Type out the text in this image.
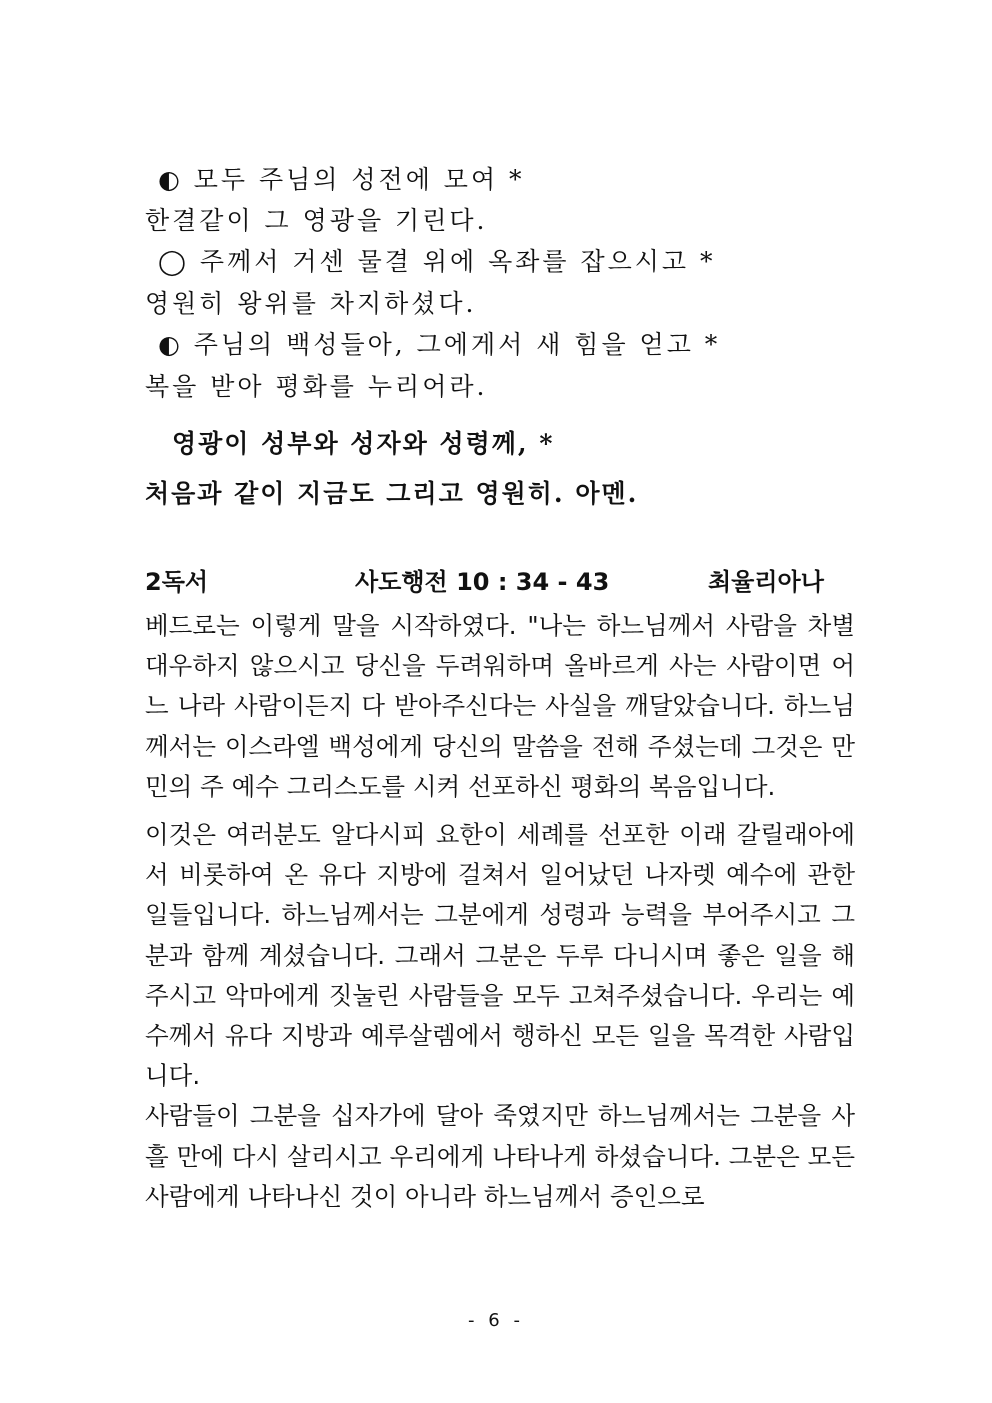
◐ 모두 주님의 성전에 모여 *
한결같이 그 영광을 기린다.
◯ 주께서 거센 물결 위에 옥좌를 잡으시고 *
영원히 왕위를 차지하셨다.
◐ 주님의 백성들아, 그에게서 새 힘을 얻고 *
복을 받아 평화를 누리어라.
영광이 성부와 성자와 성령께, *
처음과 같이 지금도 그리고 영원히. 아멘.
2독서	사도행전 10 : 34 - 43	최율리아나

베드로는 이렇게 말을 시작하였다. "나는 하느님께서 사람을 차별대우하지 않으시고 당신을 두려워하며 올바르게 사는 사람이면 어느 나라 사람이든지 다 받아주신다는 사실을 깨달았습니다. 하느님께서는 이스라엘 백성에게 당신의 말씀을 전해 주셨는데 그것은 만민의 주 예수 그리스도를 시켜 선포하신 평화의 복음입니다.

이것은 여러분도 알다시피 요한이 세례를 선포한 이래 갈릴래아에서 비롯하여 온 유다 지방에 걸쳐서 일어났던 나자렛 예수에 관한 일들입니다. 하느님께서는 그분에게 성령과 능력을 부어주시고 그분과 함께 계셨습니다. 그래서 그분은 두루 다니시며 좋은 일을 해주시고 악마에게 짓눌린 사람들을 모두 고쳐주셨습니다. 우리는 예수께서 유다 지방과 예루살렘에서 행하신 모든 일을 목격한 사람입니다.

사람들이 그분을 십자가에 달아 죽였지만 하느님께서는 그분을 사흘 만에 다시 살리시고 우리에게 나타나게 하셨습니다. 그분은 모든 사람에게 나타나신 것이 아니라 하느님께서 증인으로

- 6 -
